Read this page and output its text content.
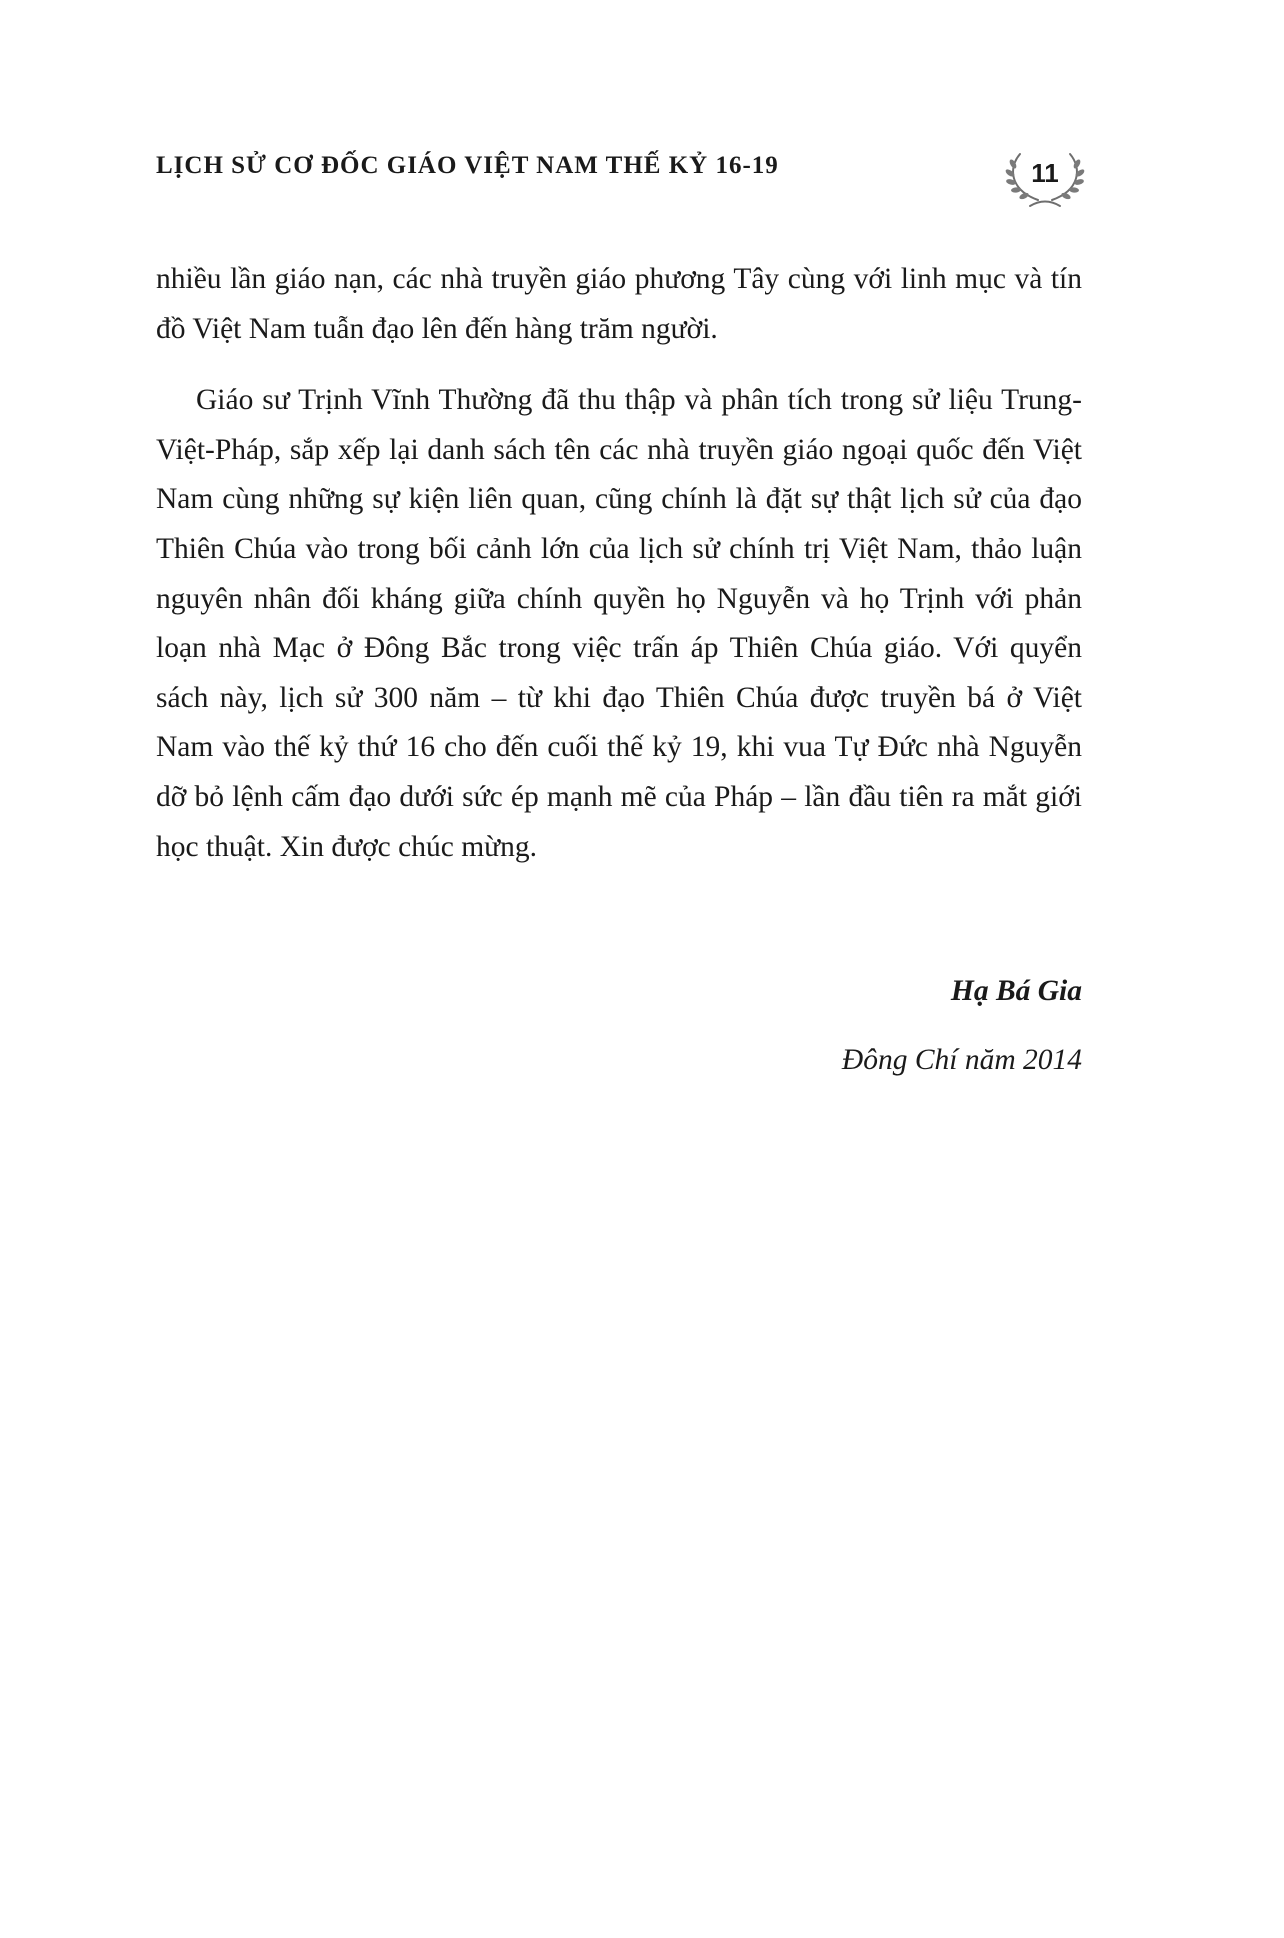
LỊCH SỬ CƠ ĐỐC GIÁO VIỆT NAM THẾ KỶ 16-19	11

nhiều lần giáo nạn, các nhà truyền giáo phương Tây cùng với linh mục và tín đồ Việt Nam tuẫn đạo lên đến hàng trăm người.

Giáo sư Trịnh Vĩnh Thường đã thu thập và phân tích trong sử liệu Trung-Việt-Pháp, sắp xếp lại danh sách tên các nhà truyền giáo ngoại quốc đến Việt Nam cùng những sự kiện liên quan, cũng chính là đặt sự thật lịch sử của đạo Thiên Chúa vào trong bối cảnh lớn của lịch sử chính trị Việt Nam, thảo luận nguyên nhân đối kháng giữa chính quyền họ Nguyễn và họ Trịnh với phản loạn nhà Mạc ở Đông Bắc trong việc trấn áp Thiên Chúa giáo. Với quyển sách này, lịch sử 300 năm – từ khi đạo Thiên Chúa được truyền bá ở Việt Nam vào thế kỷ thứ 16 cho đến cuối thế kỷ 19, khi vua Tự Đức nhà Nguyễn dỡ bỏ lệnh cấm đạo dưới sức ép mạnh mẽ của Pháp – lần đầu tiên ra mắt giới học thuật. Xin được chúc mừng.

Hạ Bá Gia
Đông Chí năm 2014
